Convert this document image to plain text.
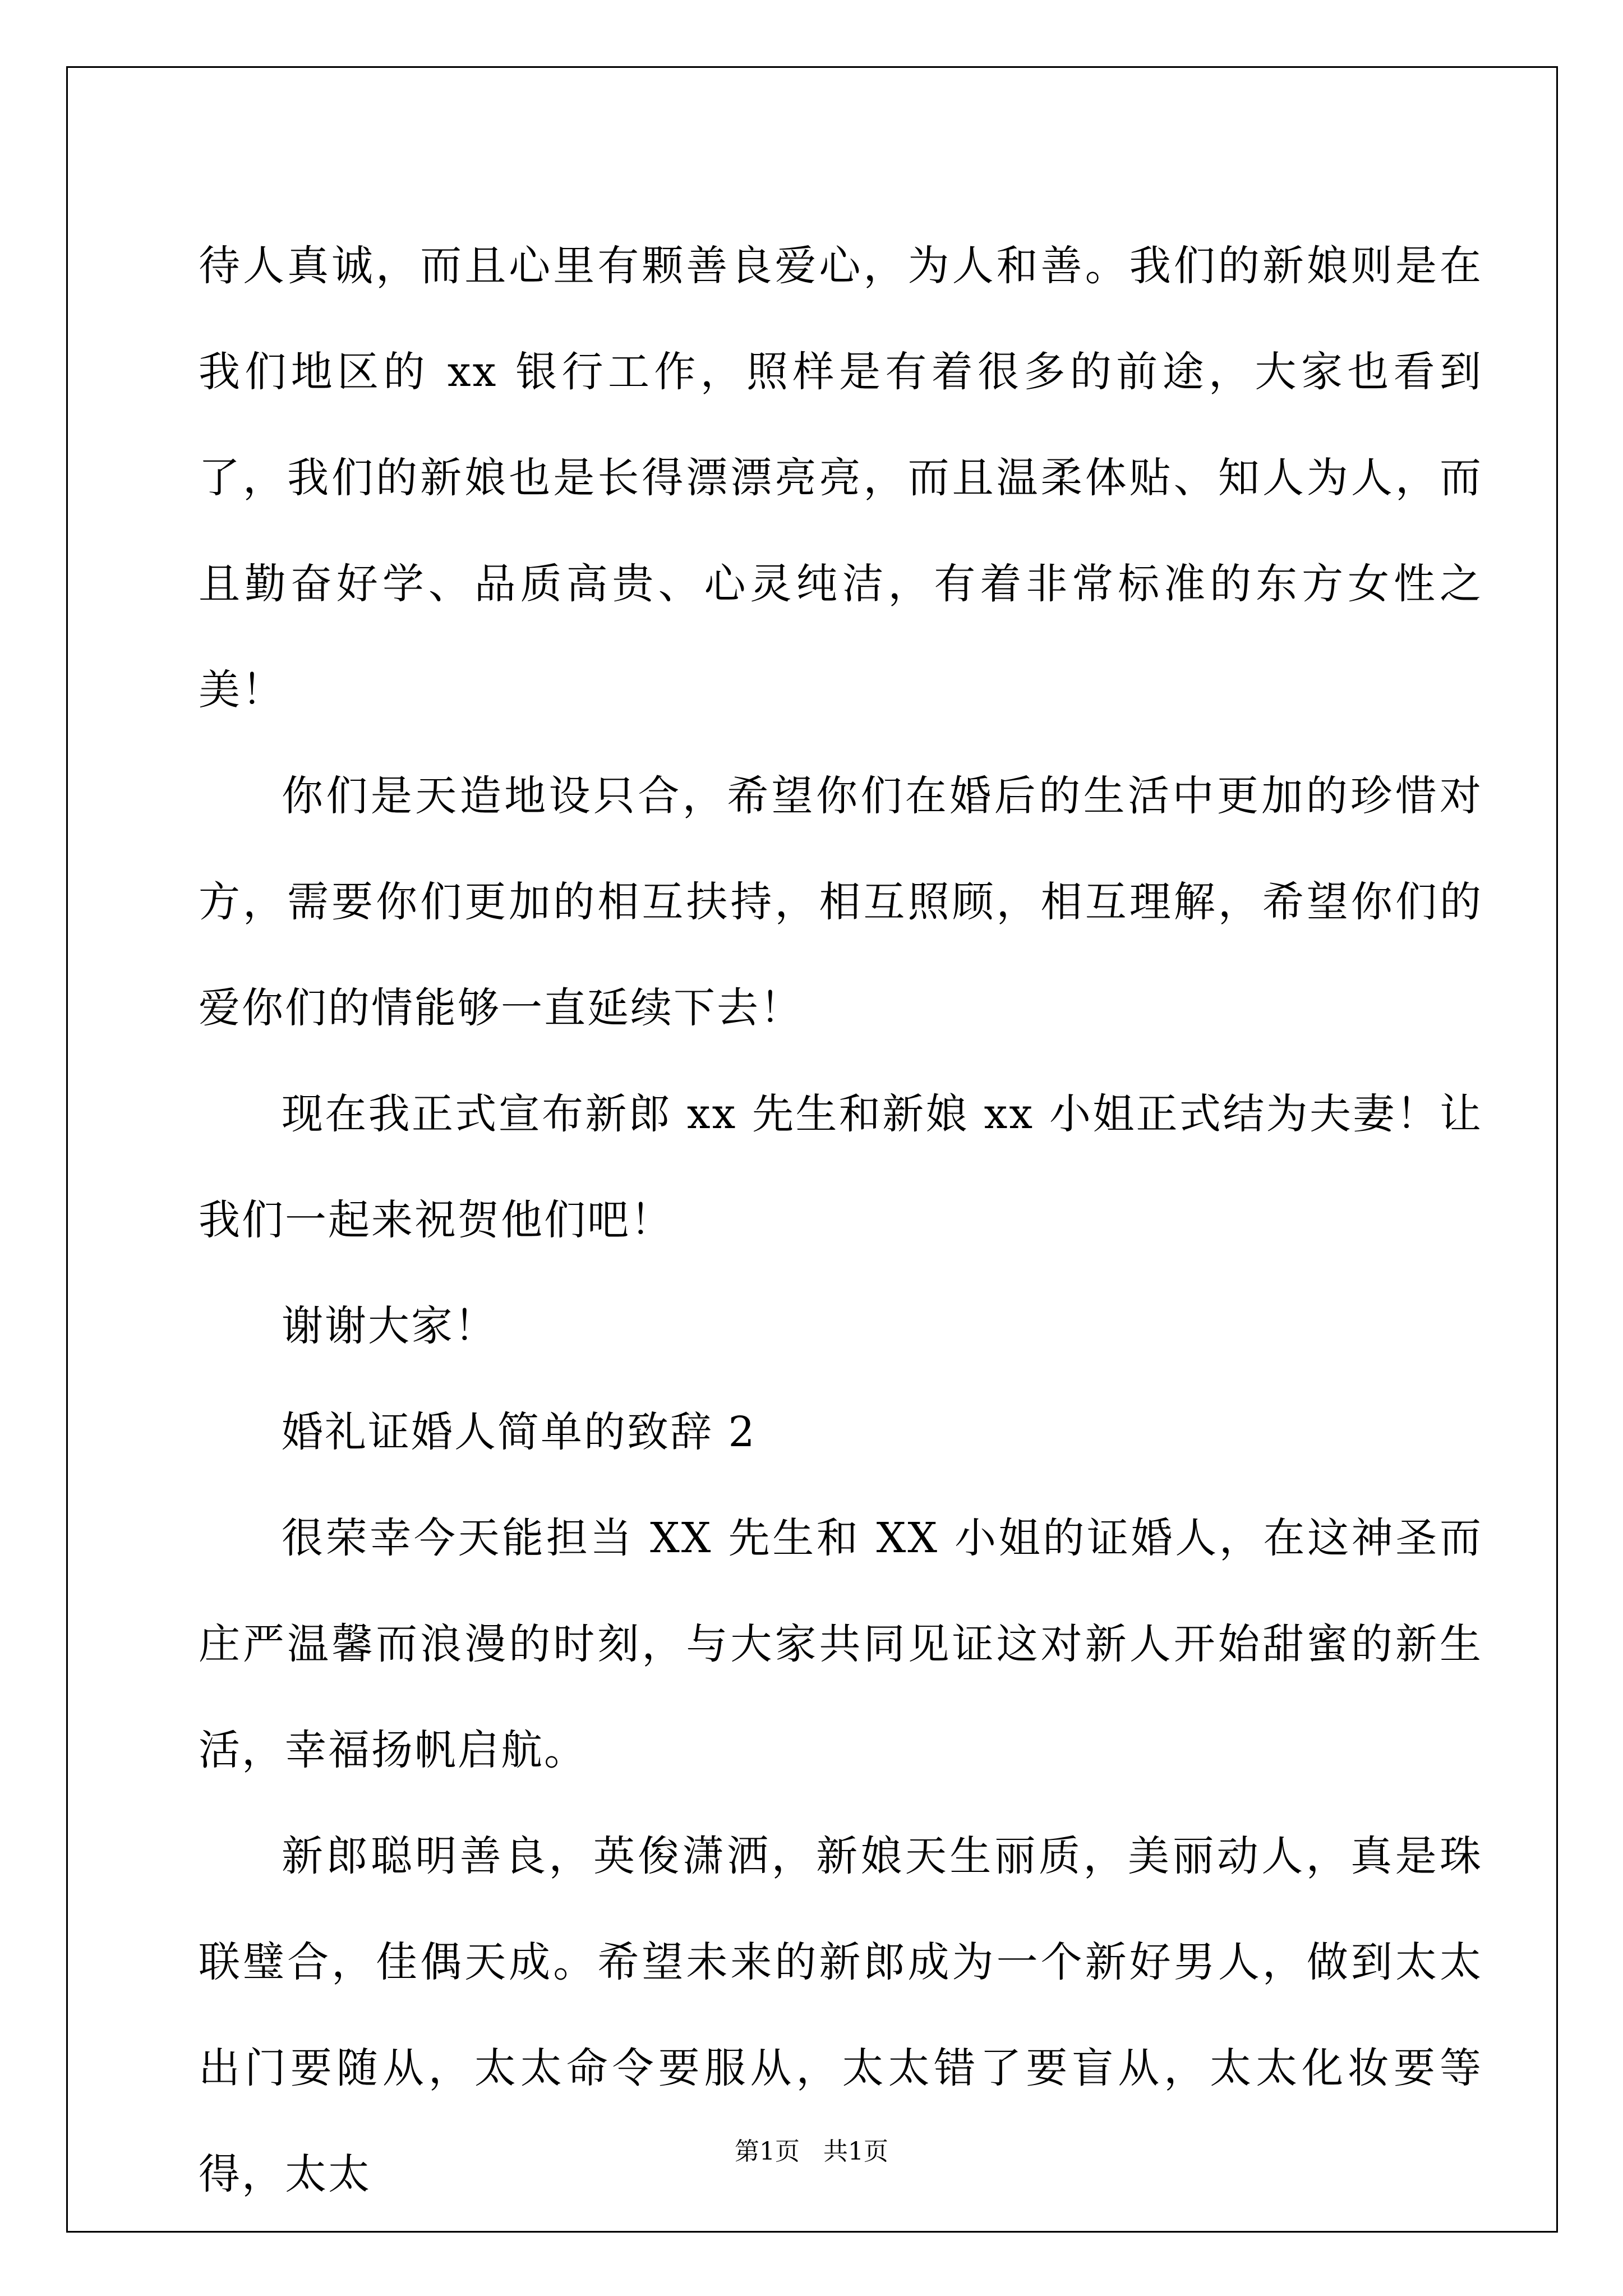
待人真诚，而且心里有颗善良爱心，为人和善。我们的新娘则是在我们地区的 xx 银行工作，照样是有着很多的前途，大家也看到了，我们的新娘也是长得漂漂亮亮，而且温柔体贴、知人为人，而且勤奋好学、品质高贵、心灵纯洁，有着非常标准的东方女性之美！

你们是天造地设只合，希望你们在婚后的生活中更加的珍惜对方，需要你们更加的相互扶持，相互照顾，相互理解，希望你们的爱你们的情能够一直延续下去！

现在我正式宣布新郎 xx 先生和新娘 xx 小姐正式结为夫妻！让我们一起来祝贺他们吧！

谢谢大家！

婚礼证婚人简单的致辞 2

很荣幸今天能担当 XX 先生和 XX 小姐的证婚人，在这神圣而庄严温馨而浪漫的时刻，与大家共同见证这对新人开始甜蜜的新生活，幸福扬帆启航。

新郎聪明善良，英俊潇洒，新娘天生丽质，美丽动人，真是珠联璧合，佳偶天成。希望未来的新郎成为一个新好男人，做到太太出门要随从，太太命令要服从，太太错了要盲从，太太化妆要等得，太太	第1页 共1页
